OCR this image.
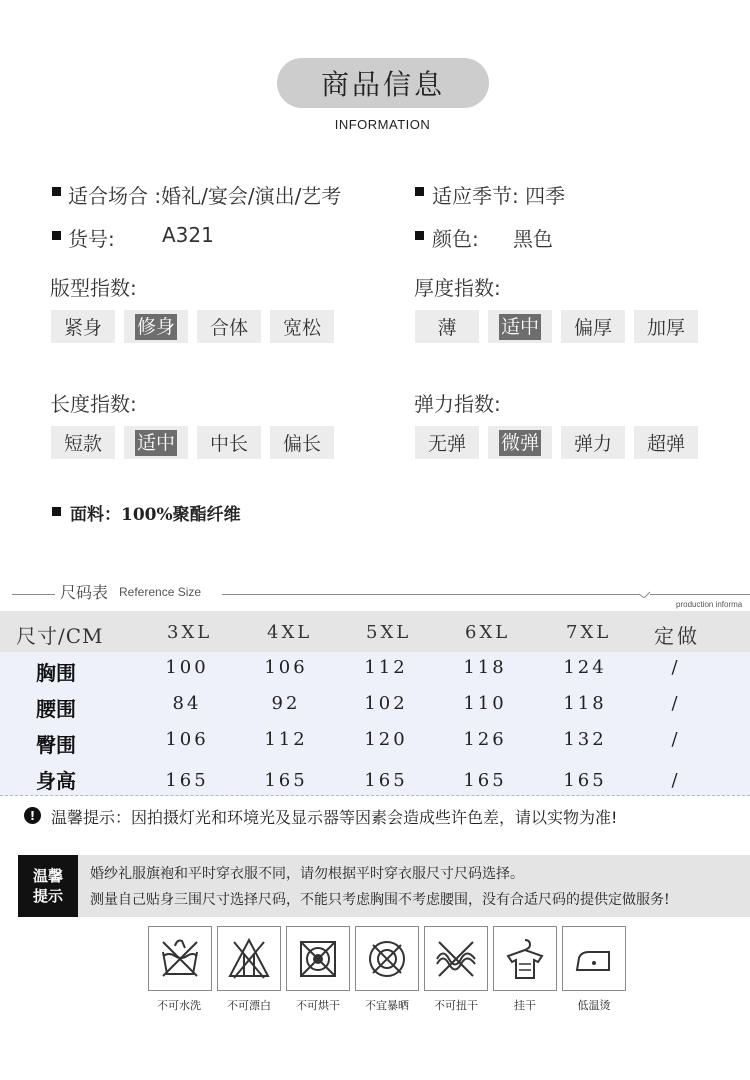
商品信息
INFORMATION
适合场合 :婚礼/宴会/演出/艺考	适应季节: 四季
货号: A321	颜色: 黑色
版型指数:
紧身 修身 合体 宽松
厚度指数:
薄 适中 偏厚 加厚
长度指数:
短款 适中 中长 偏长
弹力指数:
无弹 微弹 弹力 超弹
面料：100%聚酯纤维
尺码表 Reference Size
production informa
尺寸/CM	3XL	4XL	5XL	6XL	7XL 定做
胸围	100	106	112	118	124	/
腰围	84	92	102	110	118	/
臀围	106	112	120	126	132	/
身高	165	165	165	165	165	/
! 温馨提示：因拍摄灯光和环境光及显示器等因素会造成些许色差，请以实物为准!
温馨
提示
婚纱礼服旗袍和平时穿衣服不同，请勿根据平时穿衣服尺寸尺码选择。
测量自己贴身三围尺寸选择尺码，不能只考虑胸围不考虑腰围，没有合适尺码的提供定做服务!
不可水洗	不可漂白	不可烘干	不宜暴晒	不可扭干	挂干	低温烫
